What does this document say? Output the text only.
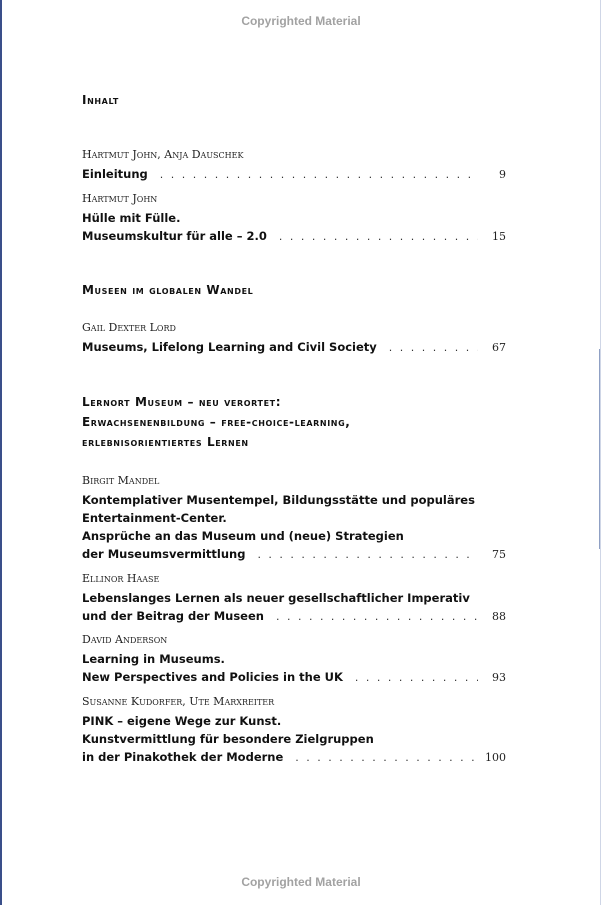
Copyrighted Material
Inhalt
Hartmut John, Anja Dauschek
Einleitung . . .	9
Hartmut John
Hülle mit Fülle.
Museumskultur für alle – 2.0 . . .	15
Museen im globalen Wandel
Gail Dexter Lord
Museums, Lifelong Learning and Civil Society . . .	67
Lernort Museum – neu verortet:
Erwachsenenbildung – free-choice-learning,
erlebnisorientiertes Lernen
Birgit Mandel
Kontemplativer Musentempel, Bildungsstätte und populäres
Entertainment-Center.
Ansprüche an das Museum und (neue) Strategien
der Museumsvermittlung . . .	75
Ellinor Haase
Lebenslanges Lernen als neuer gesellschaftlicher Imperativ
und der Beitrag der Museen . . .	88
David Anderson
Learning in Museums.
New Perspectives and Policies in the UK . . .	93
Susanne Kudorfer, Ute Marxreiter
PINK – eigene Wege zur Kunst.
Kunstvermittlung für besondere Zielgruppen
in der Pinakothek der Moderne . . .	100
Copyrighted Material
